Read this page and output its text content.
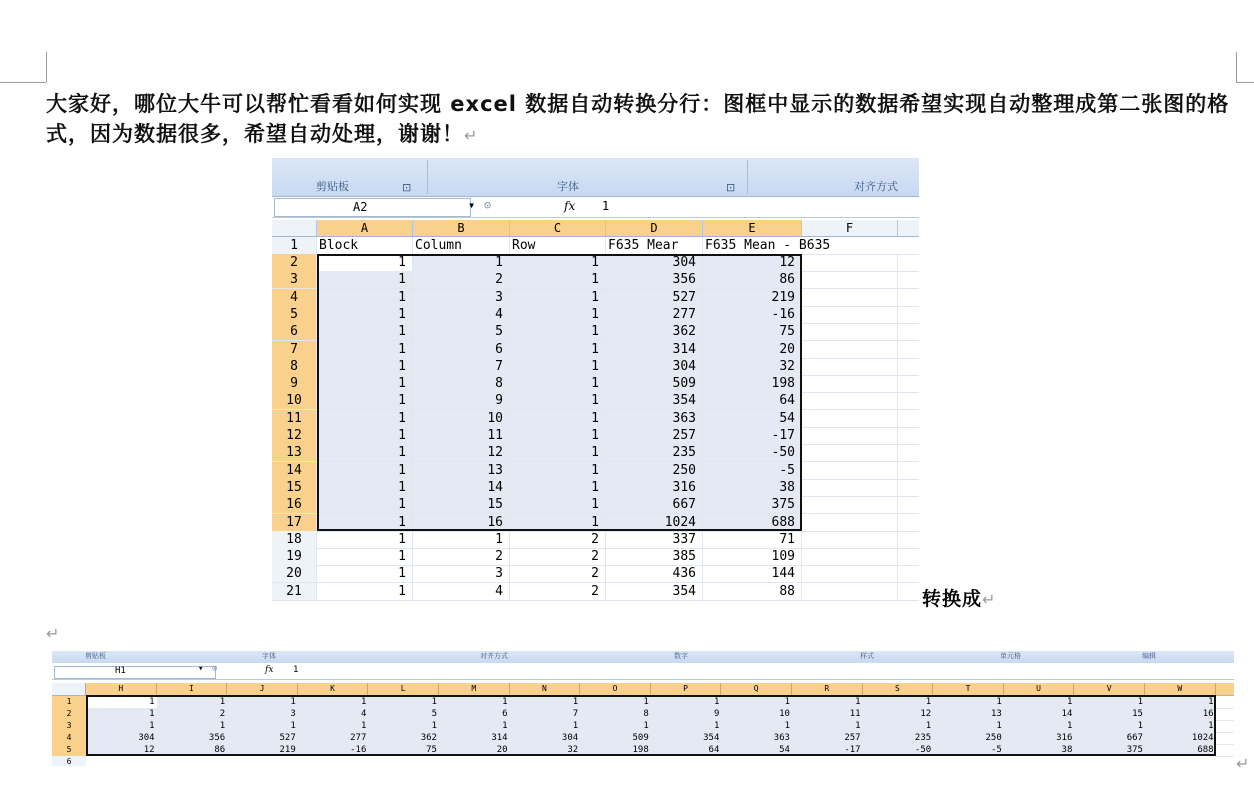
大家好，哪位大牛可以帮忙看看如何实现 excel 数据自动转换分行：图框中显示的数据希望实现自动整理成第二张图的格式，因为数据很多，希望自动处理，谢谢！↵
剪贴板	⊡	字体	⊡	对齐方式
A2	▾ ⊙	fx 1
A	B	C	D	E	F
1	Block	Column	Row	F635 Mear	F635 Mean - B635
2	1	1	1	304	12
3	1	2	1	356	86
4	1	3	1	527	219
5	1	4	1	277	-16
6	1	5	1	362	75
7	1	6	1	314	20
8	1	7	1	304	32
9	1	8	1	509	198
10	1	9	1	354	64
11	1	10	1	363	54
12	1	11	1	257	-17
13	1	12	1	235	-50
14	1	13	1	250	-5
15	1	14	1	316	38
16	1	15	1	667	375
17	1	16	1	1024	688
18	1	1	2	337	71
19	1	2	2	385	109
20	1	3	2	436	144
21	1	4	2	354	88	转换成↵
↵
剪贴板	字体	对齐方式	数字	样式	单元格	编辑
H1	▾ ⊙	fx 1
H	I	J	K	L	M	N	O	P	Q	R	S	T	U	V	W
1	1	1	1	1	1	1	1	1	1	1	1	1	1	1	1	1
2	1	2	3	4	5	6	7	8	9	10	11	12	13	14	15	16
3	1	1	1	1	1	1	1	1	1	1	1	1	1	1	1	1
4	304	356	527	277	362	314	304	509	354	363	257	235	250	316	667	1024
5	12	86	219	-16	75	20	32	198	64	54	-17	-50	-5	38	375	688
6	↵
